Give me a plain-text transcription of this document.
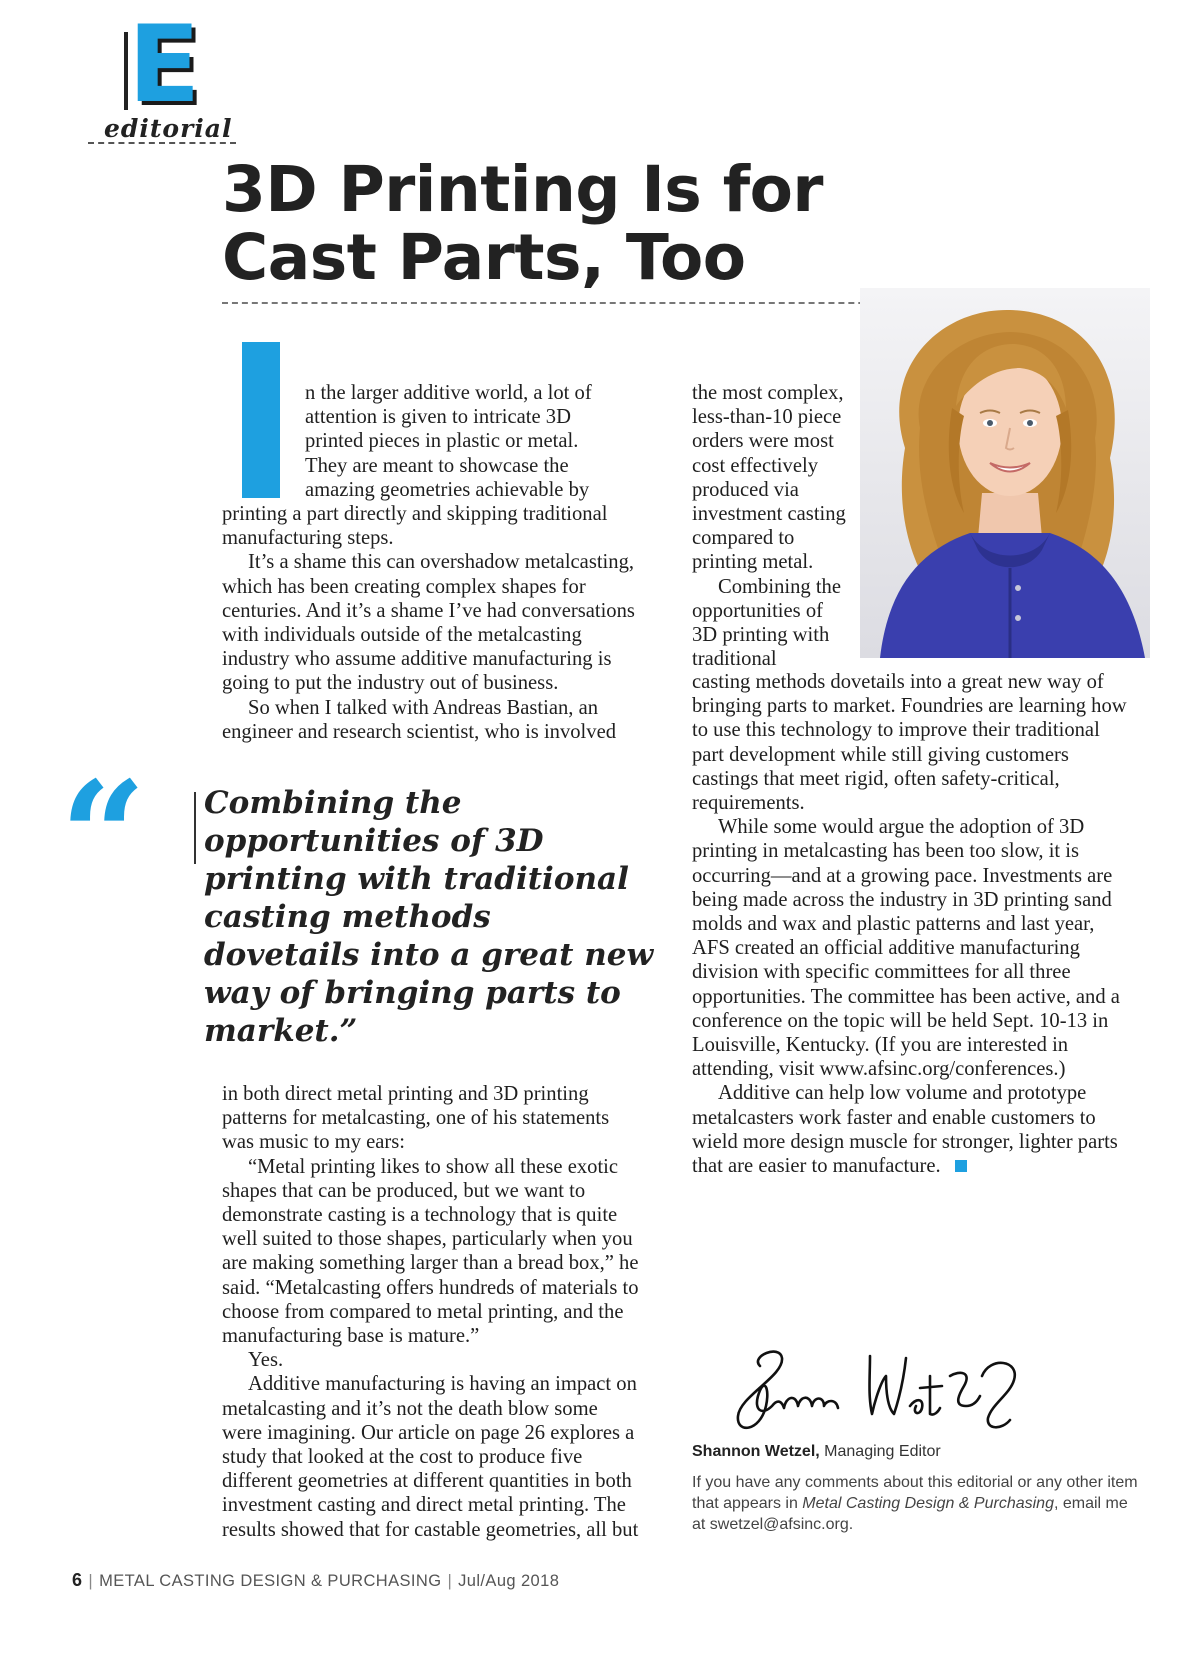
E
editorial
3D Printing Is for
Cast Parts, Too
n the larger additive world, a lot of
attention is given to intricate 3D
printed pieces in plastic or metal.
They are meant to showcase the
amazing geometries achievable by

printing a part directly and skipping traditional manufacturing steps.

It’s a shame this can overshadow metalcasting, which has been creating complex shapes for centuries. And it’s a shame I’ve had conversations with individuals outside of the metalcasting industry who assume additive manufacturing is going to put the industry out of business.

So when I talked with Andreas Bastian, an engineer and research scientist, who is involved

“ Combining the opportunities of 3D printing with traditional casting methods dovetails into a great new way of bringing parts to market.”

in both direct metal printing and 3D printing patterns for metalcasting, one of his statements was music to my ears:

“Metal printing likes to show all these exotic shapes that can be produced, but we want to demonstrate casting is a technology that is quite well suited to those shapes, particularly when you are making something larger than a bread box,” he said. “Metalcasting offers hundreds of materials to choose from compared to metal printing, and the manufacturing base is mature.”

Yes.

Additive manufacturing is having an impact on metalcasting and it’s not the death blow some were imagining. Our article on page 26 explores a study that looked at the cost to produce five different geometries at different quantities in both investment casting and direct metal printing. The results showed that for castable geometries, all but

the most complex, less-than-10 piece orders were most cost effectively produced via investment casting compared to printing metal.

Combining the opportunities of 3D printing with traditional

casting methods dovetails into a great new way of bringing parts to market. Foundries are learning how to use this technology to improve their traditional part development while still giving customers castings that meet rigid, often safety-critical, requirements.

While some would argue the adoption of 3D printing in metalcasting has been too slow, it is occurring—and at a growing pace. Investments are being made across the industry in 3D printing sand molds and wax and plastic patterns and last year, AFS created an official additive manufacturing division with specific committees for all three opportunities. The committee has been active, and a conference on the topic will be held Sept. 10-13 in Louisville, Kentucky. (If you are interested in attending, visit www.afsinc.org/conferences.)

Additive can help low volume and prototype metalcasters work faster and enable customers to wield more design muscle for stronger, lighter parts that are easier to manufacture.

Shannon Wetzel, Managing Editor
If you have any comments about this editorial or any other item that appears in Metal Casting Design & Purchasing, email me at swetzel@afsinc.org.
6 | METAL CASTING DESIGN & PURCHASING | Jul/Aug 2018
